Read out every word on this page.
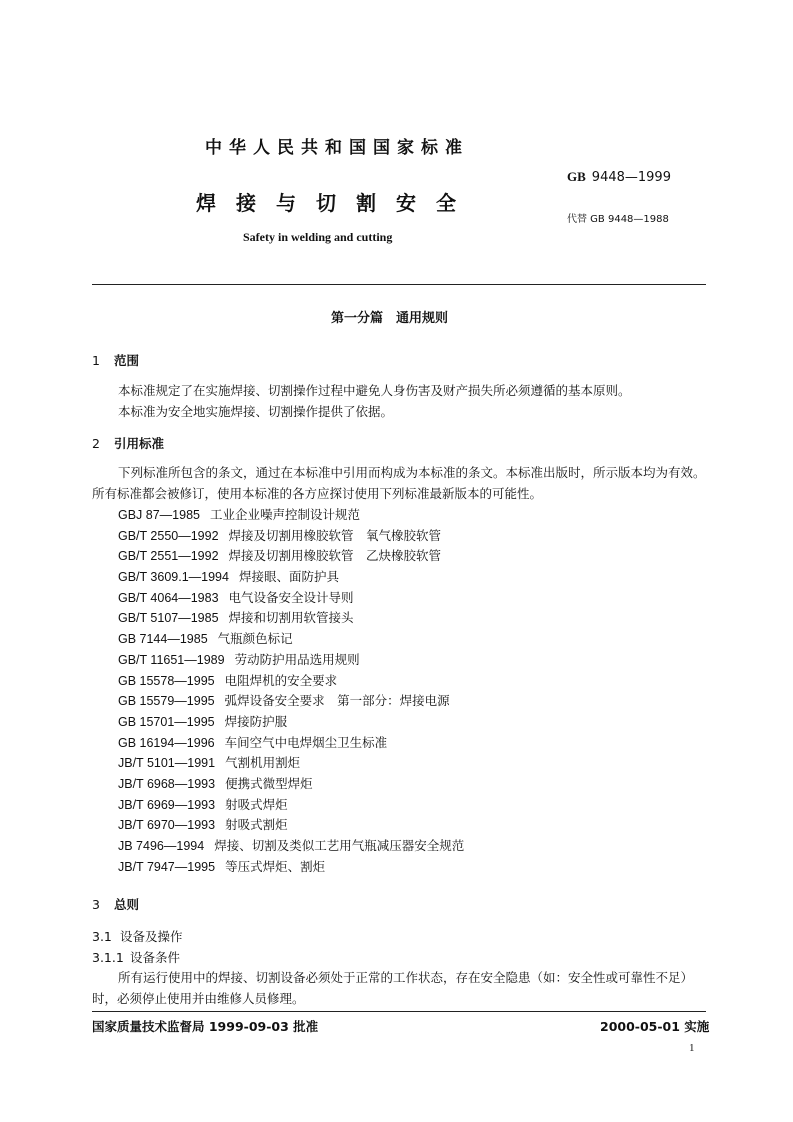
中华人民共和国国家标准
焊接与切割安全
Safety in welding and cutting
GB 9448—1999
代替 GB 9448—1988
第一分篇　通用规则
1 范围
本标准规定了在实施焊接、切割操作过程中避免人身伤害及财产损失所必须遵循的基本原则。
本标准为安全地实施焊接、切割操作提供了依据。
2 引用标准
下列标准所包含的条文，通过在本标准中引用而构成为本标准的条文。本标准出版时，所示版本均为有效。所有标准都会被修订，使用本标准的各方应探讨使用下列标准最新版本的可能性。
GBJ 87—1985 工业企业噪声控制设计规范
GB/T 2550—1992 焊接及切割用橡胶软管　氧气橡胶软管
GB/T 2551—1992 焊接及切割用橡胶软管　乙炔橡胶软管
GB/T 3609.1—1994 焊接眼、面防护具
GB/T 4064—1983 电气设备安全设计导则
GB/T 5107—1985 焊接和切割用软管接头
GB 7144—1985 气瓶颜色标记
GB/T 11651—1989 劳动防护用品选用规则
GB 15578—1995 电阻焊机的安全要求
GB 15579—1995 弧焊设备安全要求　第一部分：焊接电源
GB 15701—1995 焊接防护服
GB 16194—1996 车间空气中电焊烟尘卫生标准
JB/T 5101—1991 气割机用割炬
JB/T 6968—1993 便携式微型焊炬
JB/T 6969—1993 射吸式焊炬
JB/T 6970—1993 射吸式割炬
JB 7496—1994 焊接、切割及类似工艺用气瓶减压器安全规范
JB/T 7947—1995 等压式焊炬、割炬
3 总则
3.1 设备及操作
3.1.1 设备条件
所有运行使用中的焊接、切割设备必须处于正常的工作状态，存在安全隐患（如：安全性或可靠性不足）时，必须停止使用并由维修人员修理。
国家质量技术监督局 1999-09-03 批准	2000-05-01 实施
1
